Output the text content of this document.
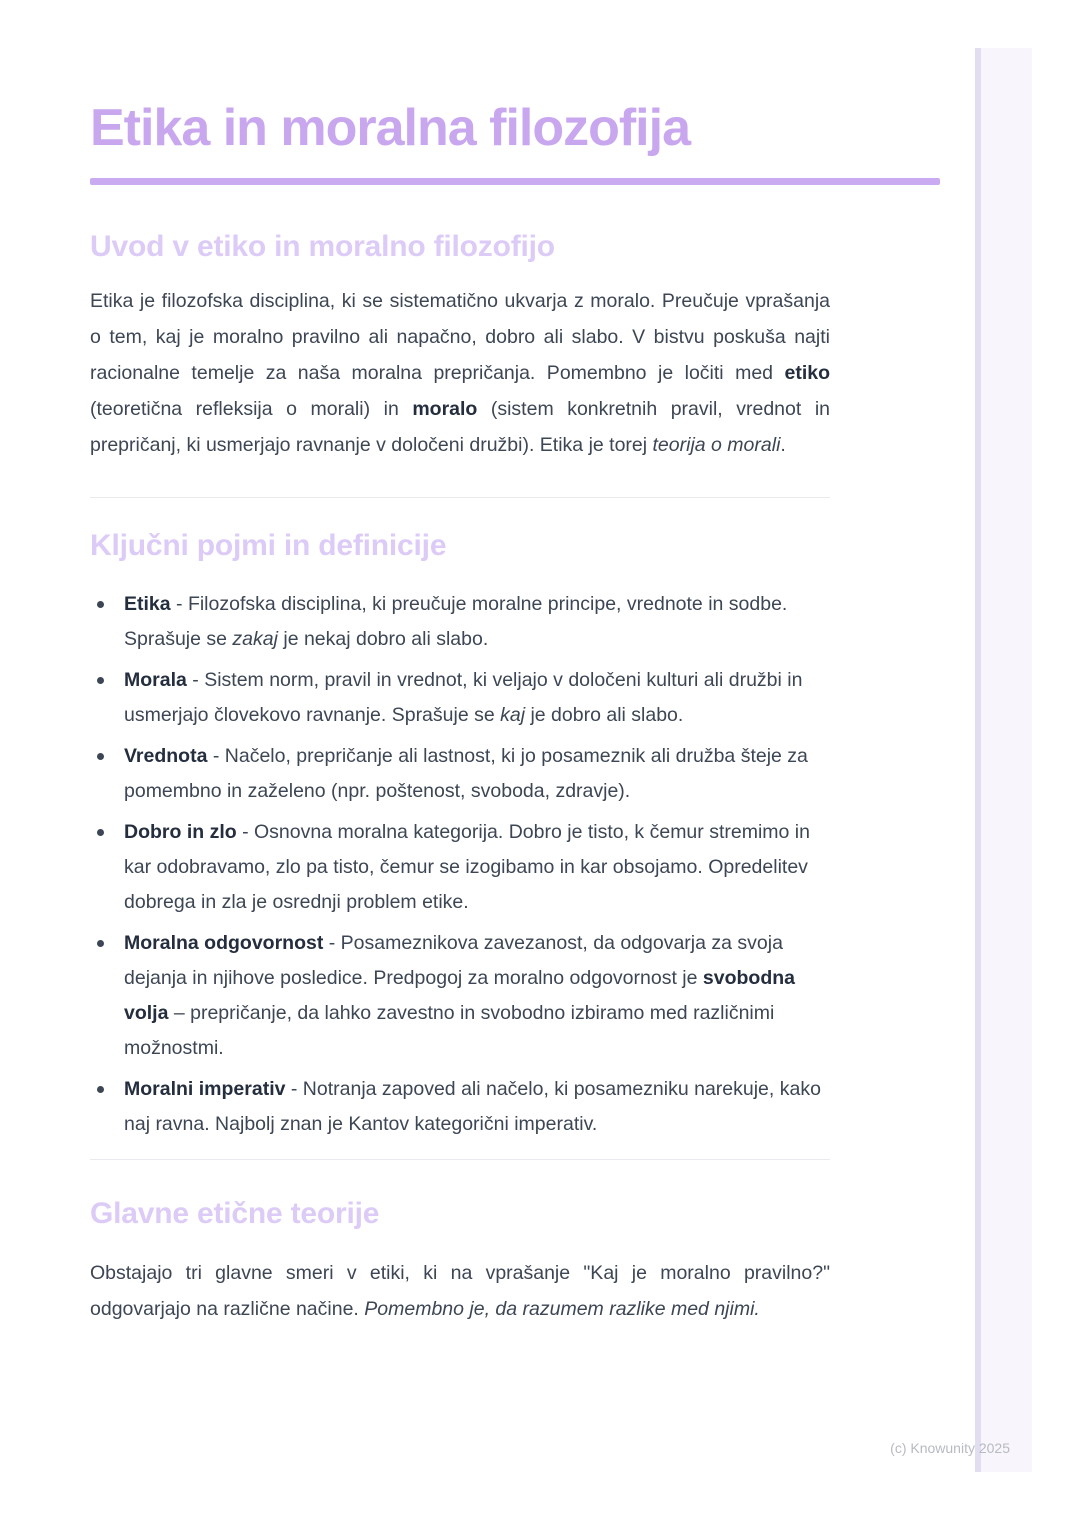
Etika in moralna filozofija
Uvod v etiko in moralno filozofijo

Etika je filozofska disciplina, ki se sistematično ukvarja z moralo. Preučuje vprašanja o tem, kaj je moralno pravilno ali napačno, dobro ali slabo. V bistvu poskuša najti racionalne temelje za naša moralna prepričanja. Pomembno je ločiti med etiko (teoretična refleksija o morali) in moralo (sistem konkretnih pravil, vrednot in prepričanj, ki usmerjajo ravnanje v določeni družbi). Etika je torej teorija o morali.

Ključni pojmi in definicije
Etika - Filozofska disciplina, ki preučuje moralne principe, vrednote in sodbe. Sprašuje se zakaj je nekaj dobro ali slabo.
Morala - Sistem norm, pravil in vrednot, ki veljajo v določeni kulturi ali družbi in usmerjajo človekovo ravnanje. Sprašuje se kaj je dobro ali slabo.
Vrednota - Načelo, prepričanje ali lastnost, ki jo posameznik ali družba šteje za pomembno in zaželeno (npr. poštenost, svoboda, zdravje).
Dobro in zlo - Osnovna moralna kategorija. Dobro je tisto, k čemur stremimo in kar odobravamo, zlo pa tisto, čemur se izogibamo in kar obsojamo. Opredelitev dobrega in zla je osrednji problem etike.
Moralna odgovornost - Posameznikova zavezanost, da odgovarja za svoja dejanja in njihove posledice. Predpogoj za moralno odgovornost je svobodna volja – prepričanje, da lahko zavestno in svobodno izbiramo med različnimi možnostmi.
Moralni imperativ - Notranja zapoved ali načelo, ki posamezniku narekuje, kako naj ravna. Najbolj znan je Kantov kategorični imperativ.
Glavne etične teorije

Obstajajo tri glavne smeri v etiki, ki na vprašanje "Kaj je moralno pravilno?" odgovarjajo na različne načine. Pomembno je, da razumem razlike med njimi.

(c) Knowunity 2025
